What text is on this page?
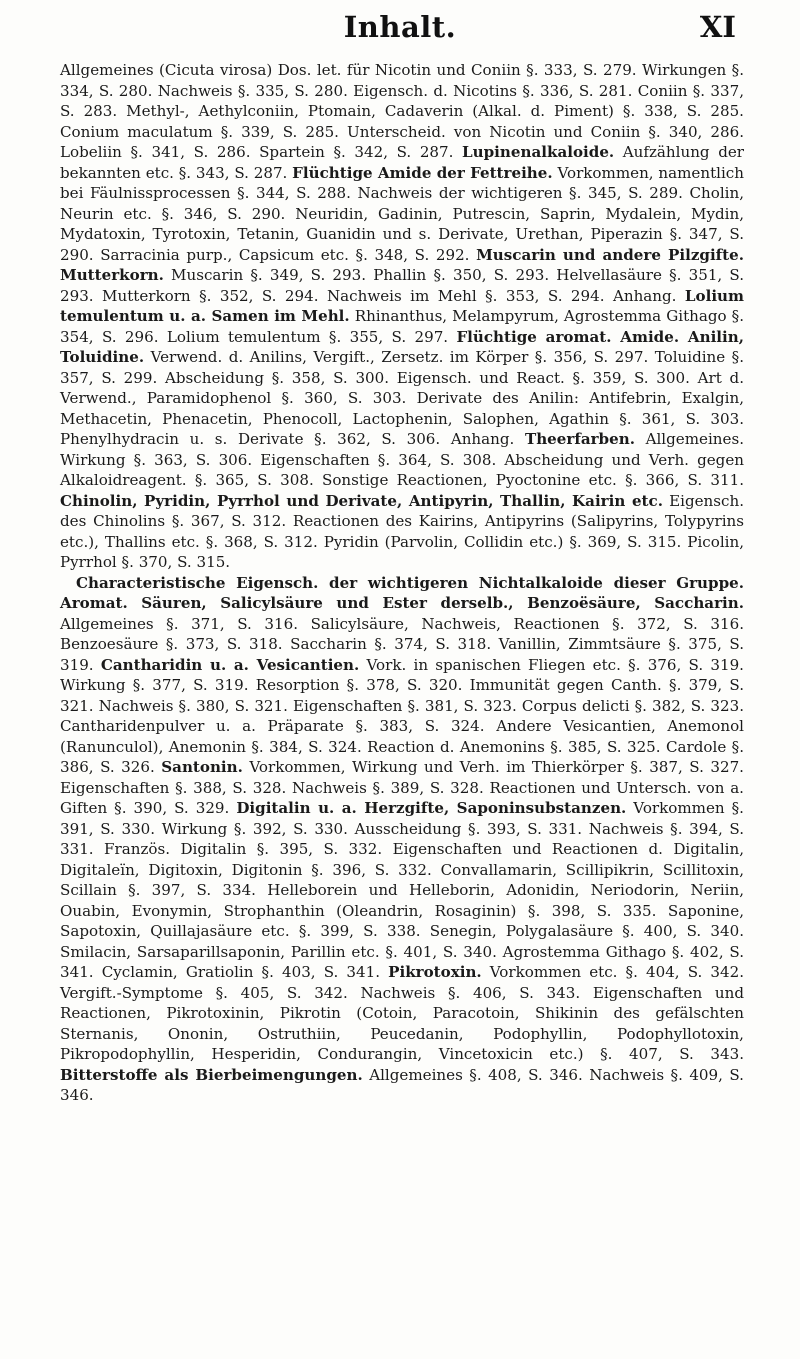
Inhalt.	XI

Allgemeines (Cicuta virosa) Dos. let. für Nicotin und Coniin §. 333, S. 279. Wirkungen §. 334, S. 280. Nachweis §. 335, S. 280. Eigensch. d. Nicotins §. 336, S. 281. Coniin §. 337, S. 283. Methyl-, Aethylconiin, Ptomain, Cadaverin (Alkal. d. Piment) §. 338, S. 285. Conium maculatum §. 339, S. 285. Unterscheid. von Nicotin und Coniin §. 340, 286. Lobeliin §. 341, S. 286. Spartein §. 342, S. 287. Lupinenalkaloide. Aufzählung der bekannten etc. §. 343, S. 287. Flüchtige Amide der Fettreihe. Vorkommen, namentlich bei Fäulnissprocessen §. 344, S. 288. Nachweis der wichtigeren §. 345, S. 289. Cholin, Neurin etc. §. 346, S. 290. Neuridin, Gadinin, Putrescin, Saprin, Mydalein, Mydin, Mydatoxin, Tyrotoxin, Tetanin, Guanidin und s. Derivate, Urethan, Piperazin §. 347, S. 290. Sarracinia purp., Capsicum etc. §. 348, S. 292. Muscarin und andere Pilzgifte. Mutterkorn. Muscarin §. 349, S. 293. Phallin §. 350, S. 293. Helvellasäure §. 351, S. 293. Mutterkorn §. 352, S. 294. Nachweis im Mehl §. 353, S. 294. Anhang. Lolium temulentum u. a. Samen im Mehl. Rhinanthus, Melampyrum, Agrostemma Githago §. 354, S. 296. Lolium temulentum §. 355, S. 297. Flüchtige aromat. Amide. Anilin, Toluidine. Verwend. d. Anilins, Vergift., Zersetz. im Körper §. 356, S. 297. Toluidine §. 357, S. 299. Abscheidung §. 358, S. 300. Eigensch. und React. §. 359, S. 300. Art d. Verwend., Paramidophenol §. 360, S. 303. Derivate des Anilin: Antifebrin, Exalgin, Methacetin, Phenacetin, Phenocoll, Lactophenin, Salophen, Agathin §. 361, S. 303. Phenylhydracin u. s. Derivate §. 362, S. 306. Anhang. Theerfarben. Allgemeines. Wirkung §. 363, S. 306. Eigenschaften §. 364, S. 308. Abscheidung und Verh. gegen Alkaloidreagent. §. 365, S. 308. Sonstige Reactionen, Pyoctonine etc. §. 366, S. 311. Chinolin, Pyridin, Pyrrhol und Derivate, Antipyrin, Thallin, Kairin etc. Eigensch. des Chinolins §. 367, S. 312. Reactionen des Kairins, Antipyrins (Salipyrins, Tolypyrins etc.), Thallins etc. §. 368, S. 312. Pyridin (Parvolin, Collidin etc.) §. 369, S. 315. Picolin, Pyrrhol §. 370, S. 315.

Characteristische Eigensch. der wichtigeren Nichtalkaloide dieser Gruppe. Aromat. Säuren, Salicylsäure und Ester derselb., Benzoësäure, Saccharin. Allgemeines §. 371, S. 316. Salicylsäure, Nachweis, Reactionen §. 372, S. 316. Benzoesäure §. 373, S. 318. Saccharin §. 374, S. 318. Vanillin, Zimmtsäure §. 375, S. 319. Cantharidin u. a. Vesicantien. Vork. in spanischen Fliegen etc. §. 376, S. 319. Wirkung §. 377, S. 319. Resorption §. 378, S. 320. Immunität gegen Canth. §. 379, S. 321. Nachweis §. 380, S. 321. Eigenschaften §. 381, S. 323. Corpus delicti §. 382, S. 323. Cantharidenpulver u. a. Präparate §. 383, S. 324. Andere Vesicantien, Anemonol (Ranunculol), Anemonin §. 384, S. 324. Reaction d. Anemonins §. 385, S. 325. Cardole §. 386, S. 326. Santonin. Vorkommen, Wirkung und Verh. im Thierkörper §. 387, S. 327. Eigenschaften §. 388, S. 328. Nachweis §. 389, S. 328. Reactionen und Untersch. von a. Giften §. 390, S. 329. Digitalin u. a. Herzgifte, Saponinsubstanzen. Vorkommen §. 391, S. 330. Wirkung §. 392, S. 330. Ausscheidung §. 393, S. 331. Nachweis §. 394, S. 331. Französ. Digitalin §. 395, S. 332. Eigenschaften und Reactionen d. Digitalin, Digitaleïn, Digitoxin, Digitonin §. 396, S. 332. Convallamarin, Scillipikrin, Scillitoxin, Scillain §. 397, S. 334. Helleborein und Helleborin, Adonidin, Neriodorin, Neriin, Ouabin, Evonymin, Strophanthin (Oleandrin, Rosaginin) §. 398, S. 335. Saponine, Sapotoxin, Quillajasäure etc. §. 399, S. 338. Senegin, Polygalasäure §. 400, S. 340. Smilacin, Sarsaparillsaponin, Parillin etc. §. 401, S. 340. Agrostemma Githago §. 402, S. 341. Cyclamin, Gratiolin §. 403, S. 341. Pikrotoxin. Vorkommen etc. §. 404, S. 342. Vergift.-Symptome §. 405, S. 342. Nachweis §. 406, S. 343. Eigenschaften und Reactionen, Pikrotoxinin, Pikrotin (Cotoin, Paracotoin, Shikinin des gefälschten Sternanis, Ononin, Ostruthiin, Peucedanin, Podophyllin, Podophyllotoxin, Pikropodophyllin, Hesperidin, Condurangin, Vincetoxicin etc.) §. 407, S. 343. Bitterstoffe als Bierbeimengungen. Allgemeines §. 408, S. 346. Nachweis §. 409, S. 346.
